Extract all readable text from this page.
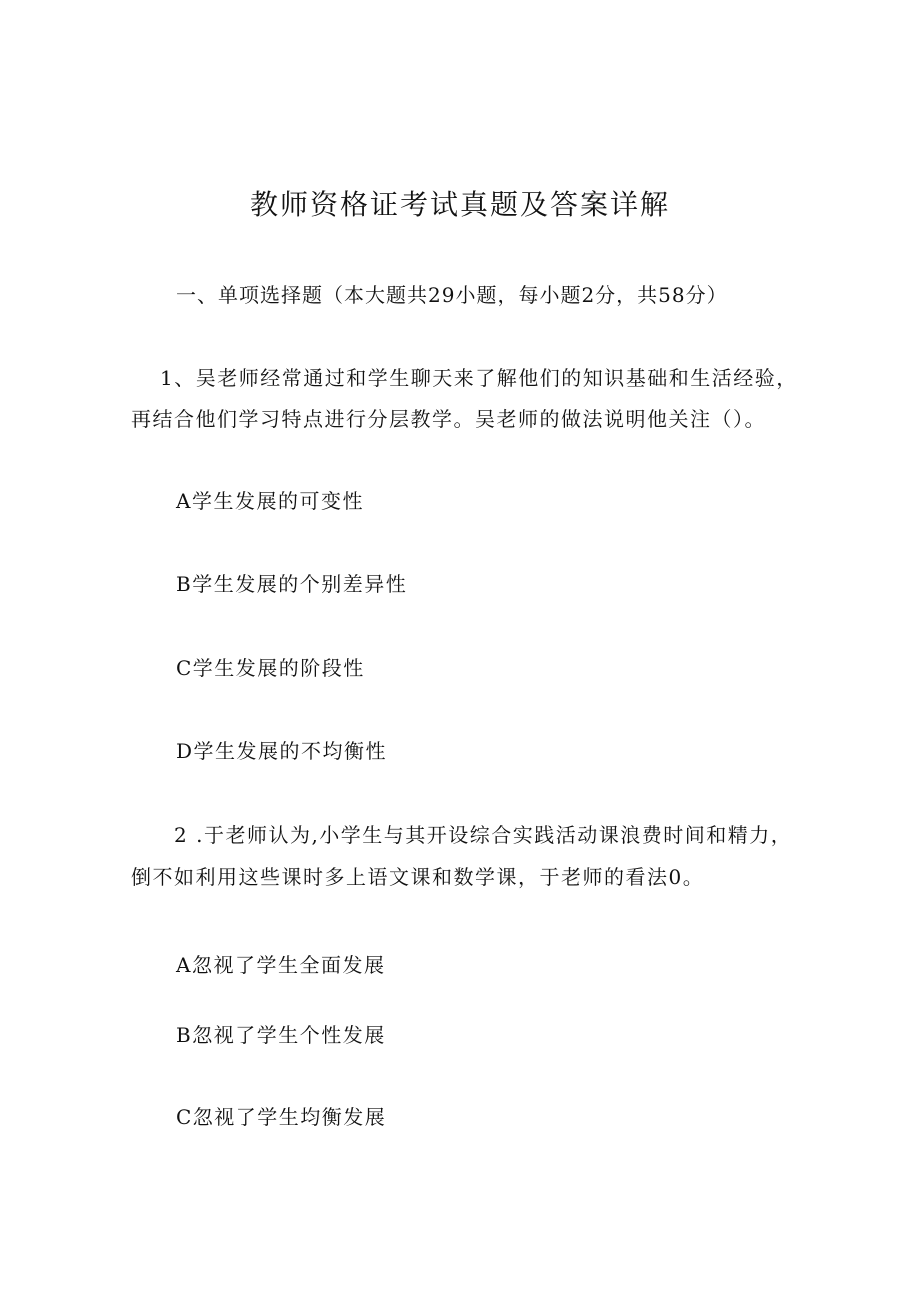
教师资格证考试真题及答案详解
一、单项选择题（本大题共29小题，每小题2分，共58分）
1、吴老师经常通过和学生聊天来了解他们的知识基础和生活经验，
再结合他们学习特点进行分层教学。吴老师的做法说明他关注（）。
A学生发展的可变性
B学生发展的个别差异性
C学生发展的阶段性
D学生发展的不均衡性
2 .于老师认为,小学生与其开设综合实践活动课浪费时间和精力，
倒不如利用这些课时多上语文课和数学课，于老师的看法0。
A忽视了学生全面发展
B忽视了学生个性发展
C忽视了学生均衡发展
